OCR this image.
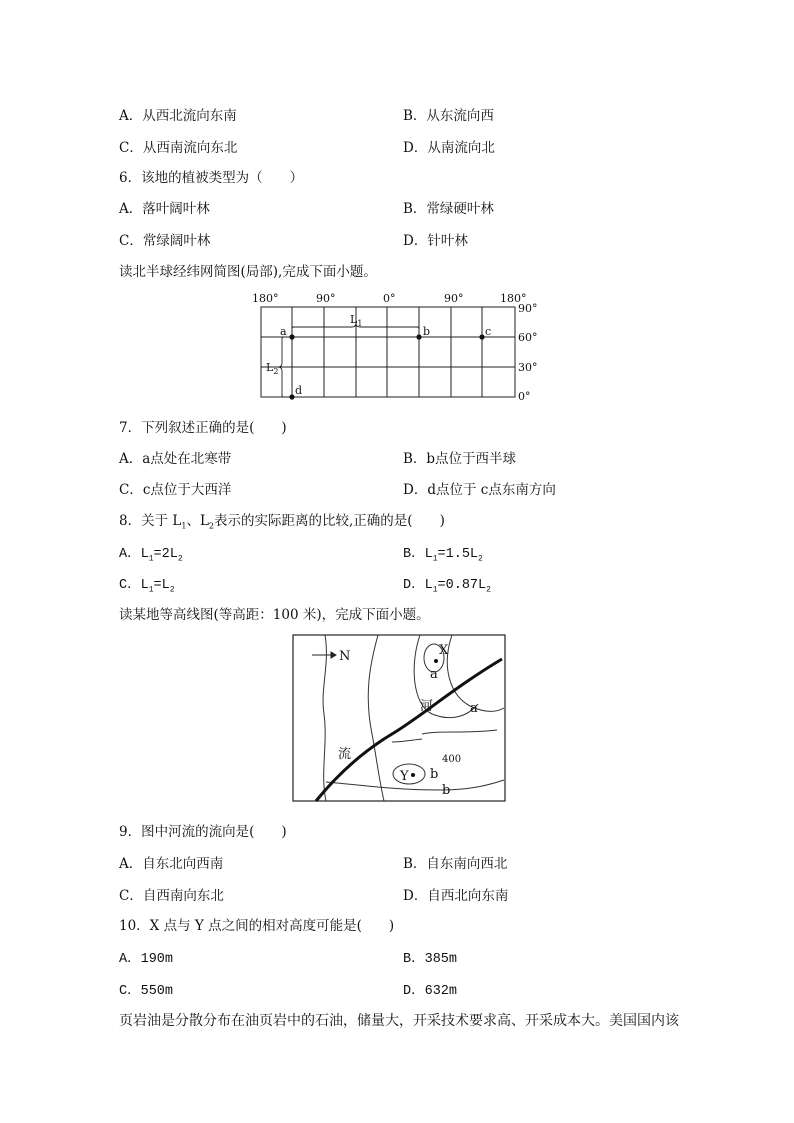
A．从西北流向东南	B．从东流向西
C．从西南流向东北	D．从南流向北
6．该地的植被类型为（　　）
A．落叶阔叶林	B．常绿硬叶林
C．常绿阔叶林	D．针叶林
读北半球经纬网简图(局部),完成下面小题。
180°	90°	0°	90°	180°
90°
60°
30°
0°
a	b	c
d
$L_1$
$L_2$
7．下列叙述正确的是(　　)
A．a点处在北寒带	B．b点位于西半球
C．c点位于大西洋	D．d点位于 c点东南方向
8．关于 $L_1$、$L_2$表示的实际距离的比较,正确的是(　　)
A．$L_1=2L_2$	B．$L_1=1.5L_2$
C．$L_1=L_2$	D．$L_1=0.87L_2$
读某地等高线图(等高距：100 米)，完成下面小题。
N	X
Y
a
a
b
b
河
流	400
9．图中河流的流向是(　　)
A．自东北向西南	B．自东南向西北
C．自西南向东北	D．自西北向东南
10．X 点与 Y 点之间的相对高度可能是(　　)
A．190m	B．385m
C．550m	D．632m
页岩油是分散分布在油页岩中的石油，储量大，开采技术要求高、开采成本大。美国国内该
